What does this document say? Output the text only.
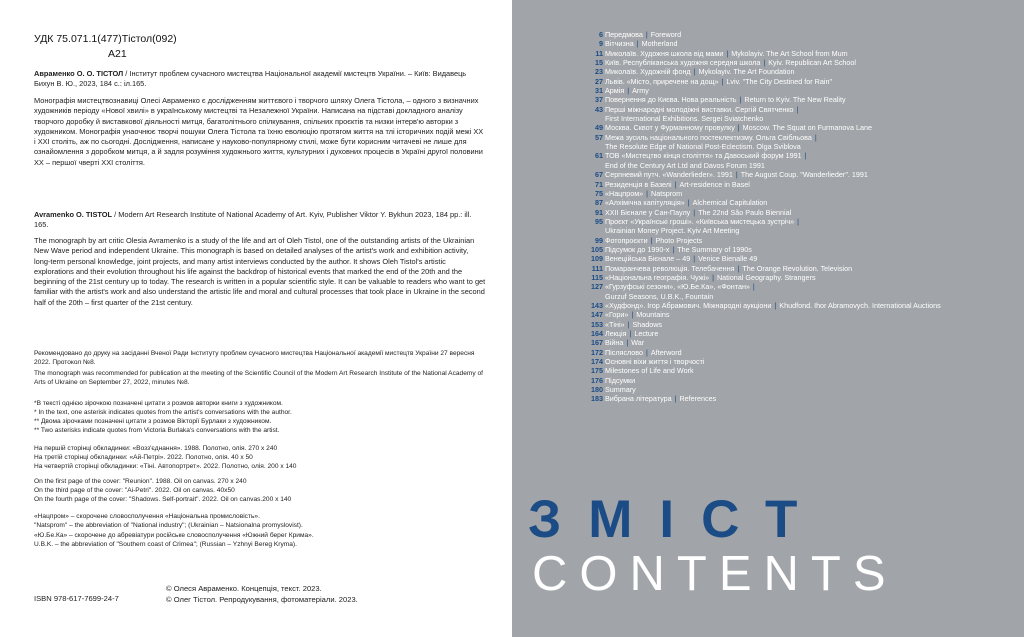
УДК 75.071.1(477)Тістол(092)
А21

Авраменко О. О. ТІСТОЛ / Інститут проблем сучасного мистецтва Національної академії мистецтв України. – Київ: Видавець Бихун В. Ю., 2023, 184 с.: іл.165.

Монографія мистецтвознавиці Олесі Авраменко є дослідженням життєвого і творчого шляху Олега Тістола, – одного з визначних художників періоду «Нової хвилі» в українському мистецтві та Незалежної України. Написана на підставі докладного аналізу творчого доробку й виставкової діяльності митця, багатолітнього спілкування, спільних проєктів та низки інтерв'ю авторки з художником. Монографія унаочнює творчі пошуки Олега Тістола та їхню еволюцію протягом життя на тлі історичних подій межі XX і XXI століть, аж по сьогодні. Дослідження, написане у науково-популярному стилі, може бути корисним читачеві не лише для ознайомлення з доробком митця, а й задля розуміння художнього життя, культурних і духовних процесів в Україні другої половини XX – першої чверті XXI століття.

Avramenko O. TISTOL / Modern Art Research Institute of National Academy of Art. Kyiv, Publisher Viktor Y. Bykhun 2023, 184 pp.: ill. 165.

The monograph by art critic Olesia Avramenko is a study of the life and art of Oleh Tistol, one of the outstanding artists of the Ukrainian New Wave period and independent Ukraine. This monograph is based on detailed analyses of the artist's work and exhibition activity, long-term personal knowledge, joint projects, and many artist interviews conducted by the author. It shows Oleh Tistol's artistic explorations and their evolution throughout his life against the backdrop of historical events that marked the end of the 20th and the beginning of the 21st century up to today. The research is written in a popular scientific style. It can be valuable to readers who want to get familiar with the artist's work and also understand the artistic life and moral and cultural processes that took place in Ukraine in the second half of the 20th – first quarter of the 21st century.

Рекомендовано до друку на засіданні Вченої Ради Інституту проблем сучасного мистецтва Національної академії мистецтв України 27 вересня 2022. Протокол №8.

The monograph was recommended for publication at the meeting of the Scientific Council of the Modern Art Research Institute of the National Academy of Arts of Ukraine on September 27, 2022, minutes №8.

*В тексті однією зірочкою позначені цитати з розмов авторки книги з художником.

* In the text, one asterisk indicates quotes from the artist's conversations with the author.

** Двома зірочками позначені цитати з розмов Вікторії Бурлаки з художником.

** Two asterisks indicate quotes from Victoria Burlaka's conversations with the artist.

На першій сторінці обкладинки: «Возз'єднання». 1988. Полотно, олія. 270 x 240

На третій сторінці обкладинки: «Ай-Петрі». 2022. Полотно, олія. 40 x 50

На четвертій сторінці обкладинки: «Тіні. Автопортрет». 2022. Полотно, олія. 200 x 140

On the first page of the cover: "Reunion". 1988. Oil on canvas. 270 x 240

On the third page of the cover: "Ai-Petri". 2022. Oil on canvas. 40x50

On the fourth page of the cover: "Shadows. Self-portrait". 2022. Oil on canvas.200 x 140

«Нацпром» – скорочене словосполучення «Національна промисловість».

"Natsprom" – the abbreviation of "National industry"; (Ukrainian – Natsionalna promyslovist).

«Ю.Бе.Ка» – скорочене до абревіатури російське словосполучення «Южний берег Крима».

U.B.K. – the abbreviation of "Southern coast of Crimea"; (Russian – Yzhnyi Bereg Kryma).

ISBN 978-617-7699-24-7
© Олеся Авраменко. Концепція, текст. 2023.
© Олег Тістол. Репродукування, фотоматеріали. 2023.
6 Передмова | Foreword
9 Вітчизна | Motherland
11 Миколаїв. Художня школа від мами | Mykolayiv. The Art School from Mum
15 Київ. Республіканська художня середня школа | Kyiv. Republican Art School
23 Миколаїв. Художній фонд | Mykolayiv. The Art Foundation
27 Львів. «Місто, приречене на дощ» | Lviv. "The City Destined for Rain"
31 Армія | Army
37 Повернення до Києва. Нова реальність | Return to Kyiv. The New Reality
43 Перші міжнародні молодіжні виставки. Сергій Святченко |
First International Exhibitions. Sergei Sviatchenko
49 Москва. Сквот у Фурманному провулку | Moscow. The Squat on Furmanova Lane
57 Межа зусиль національного постеклектизму. Ольга Свібльова |
The Resolute Edge of National Post-Eclectism. Olga Sviblova
61 ТОВ «Мистецтво кінця століття» та Давоський форум 1991 |
End of the Century Art Ltd and Davos Forum 1991
67 Серпневий путч. «Wanderlieder». 1991 | The August Coup. "Wanderlieder". 1991
71 Резиденція в Базелі | Art-residence in Basel
75 «Нацпром» | Natsprom
87 «Алхімічна капітуляція» | Alchemical Capitulation
91 XXII Бієнале у Сан-Паулу | The 22nd São Paulo Biennial
95 Проєкт «Українські гроші». «Київська мистецька зустріч» |
Ukrainian Money Project. Kyiv Art Meeting
99 Фотопроєкти | Photo Projects
105 Підсумок до 1990-х | The Summary of 1990s
109 Венеційська Бієнале – 49 | Venice Bienalle 49
111 Помаранчева революція. Телебачення | The Orange Revolution. Television
115 «Національна географія. Чужі» | National Geography. Strangers
127 «Гурзуфські сезони», «Ю.Бе.Ка», «Фонтан» |
Gurzuf Seasons, U.B.K., Fountain
143 «Худфонд». Ігор Абрамович. Міжнародні аукціони | Khudfond. Ihor Abramovych. International Auctions
147 «Гори» | Mountains
153 «Тіні» | Shadows
164 Лекція | Lecture
167 Війна | War
172 Післяслово | Afterword
174 Основні віхи життя і творчості
175 Milestones of Life and Work
176 Підсумки
180 Summary
183 Вибрана література | References
ЗМІСТ
CONTENTS
